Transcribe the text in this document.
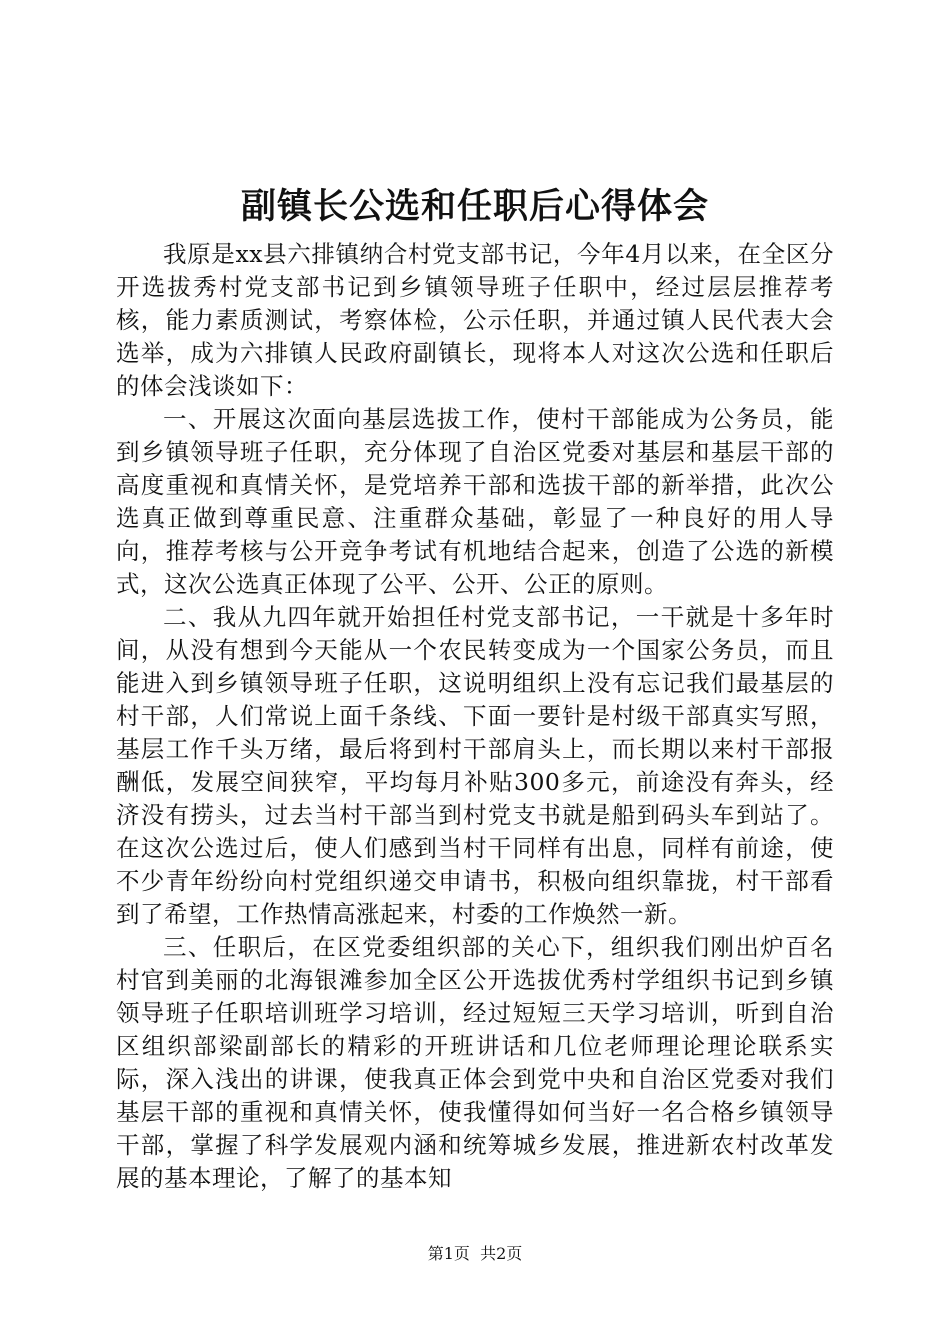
副镇长公选和任职后心得体会

我原是xx县六排镇纳合村党支部书记，今年4月以来，在全区分开选拔秀村党支部书记到乡镇领导班子任职中，经过层层推荐考核，能力素质测试，考察体检，公示任职，并通过镇人民代表大会选举，成为六排镇人民政府副镇长，现将本人对这次公选和任职后的体会浅谈如下：

一、开展这次面向基层选拔工作，使村干部能成为公务员，能到乡镇领导班子任职，充分体现了自治区党委对基层和基层干部的高度重视和真情关怀，是党培养干部和选拔干部的新举措，此次公选真正做到尊重民意、注重群众基础，彰显了一种良好的用人导向，推荐考核与公开竞争考试有机地结合起来，创造了公选的新模式，这次公选真正体现了公平、公开、公正的原则。

二、我从九四年就开始担任村党支部书记，一干就是十多年时间，从没有想到今天能从一个农民转变成为一个国家公务员，而且能进入到乡镇领导班子任职，这说明组织上没有忘记我们最基层的村干部，人们常说上面千条线、下面一要针是村级干部真实写照，基层工作千头万绪，最后将到村干部肩头上，而长期以来村干部报酬低，发展空间狭窄，平均每月补贴300多元，前途没有奔头，经济没有捞头，过去当村干部当到村党支书就是船到码头车到站了。在这次公选过后，使人们感到当村干同样有出息，同样有前途，使不少青年纷纷向村党组织递交申请书，积极向组织靠拢，村干部看到了希望，工作热情高涨起来，村委的工作焕然一新。

三、任职后，在区党委组织部的关心下，组织我们刚出炉百名村官到美丽的北海银滩参加全区公开选拔优秀村学组织书记到乡镇领导班子任职培训班学习培训，经过短短三天学习培训，听到自治区组织部梁副部长的精彩的开班讲话和几位老师理论理论联系实际，深入浅出的讲课，使我真正体会到党中央和自治区党委对我们基层干部的重视和真情关怀，使我懂得如何当好一名合格乡镇领导干部，掌握了科学发展观内涵和统筹城乡发展，推进新农村改革发展的基本理论，了解了的基本知

第1页 共2页
